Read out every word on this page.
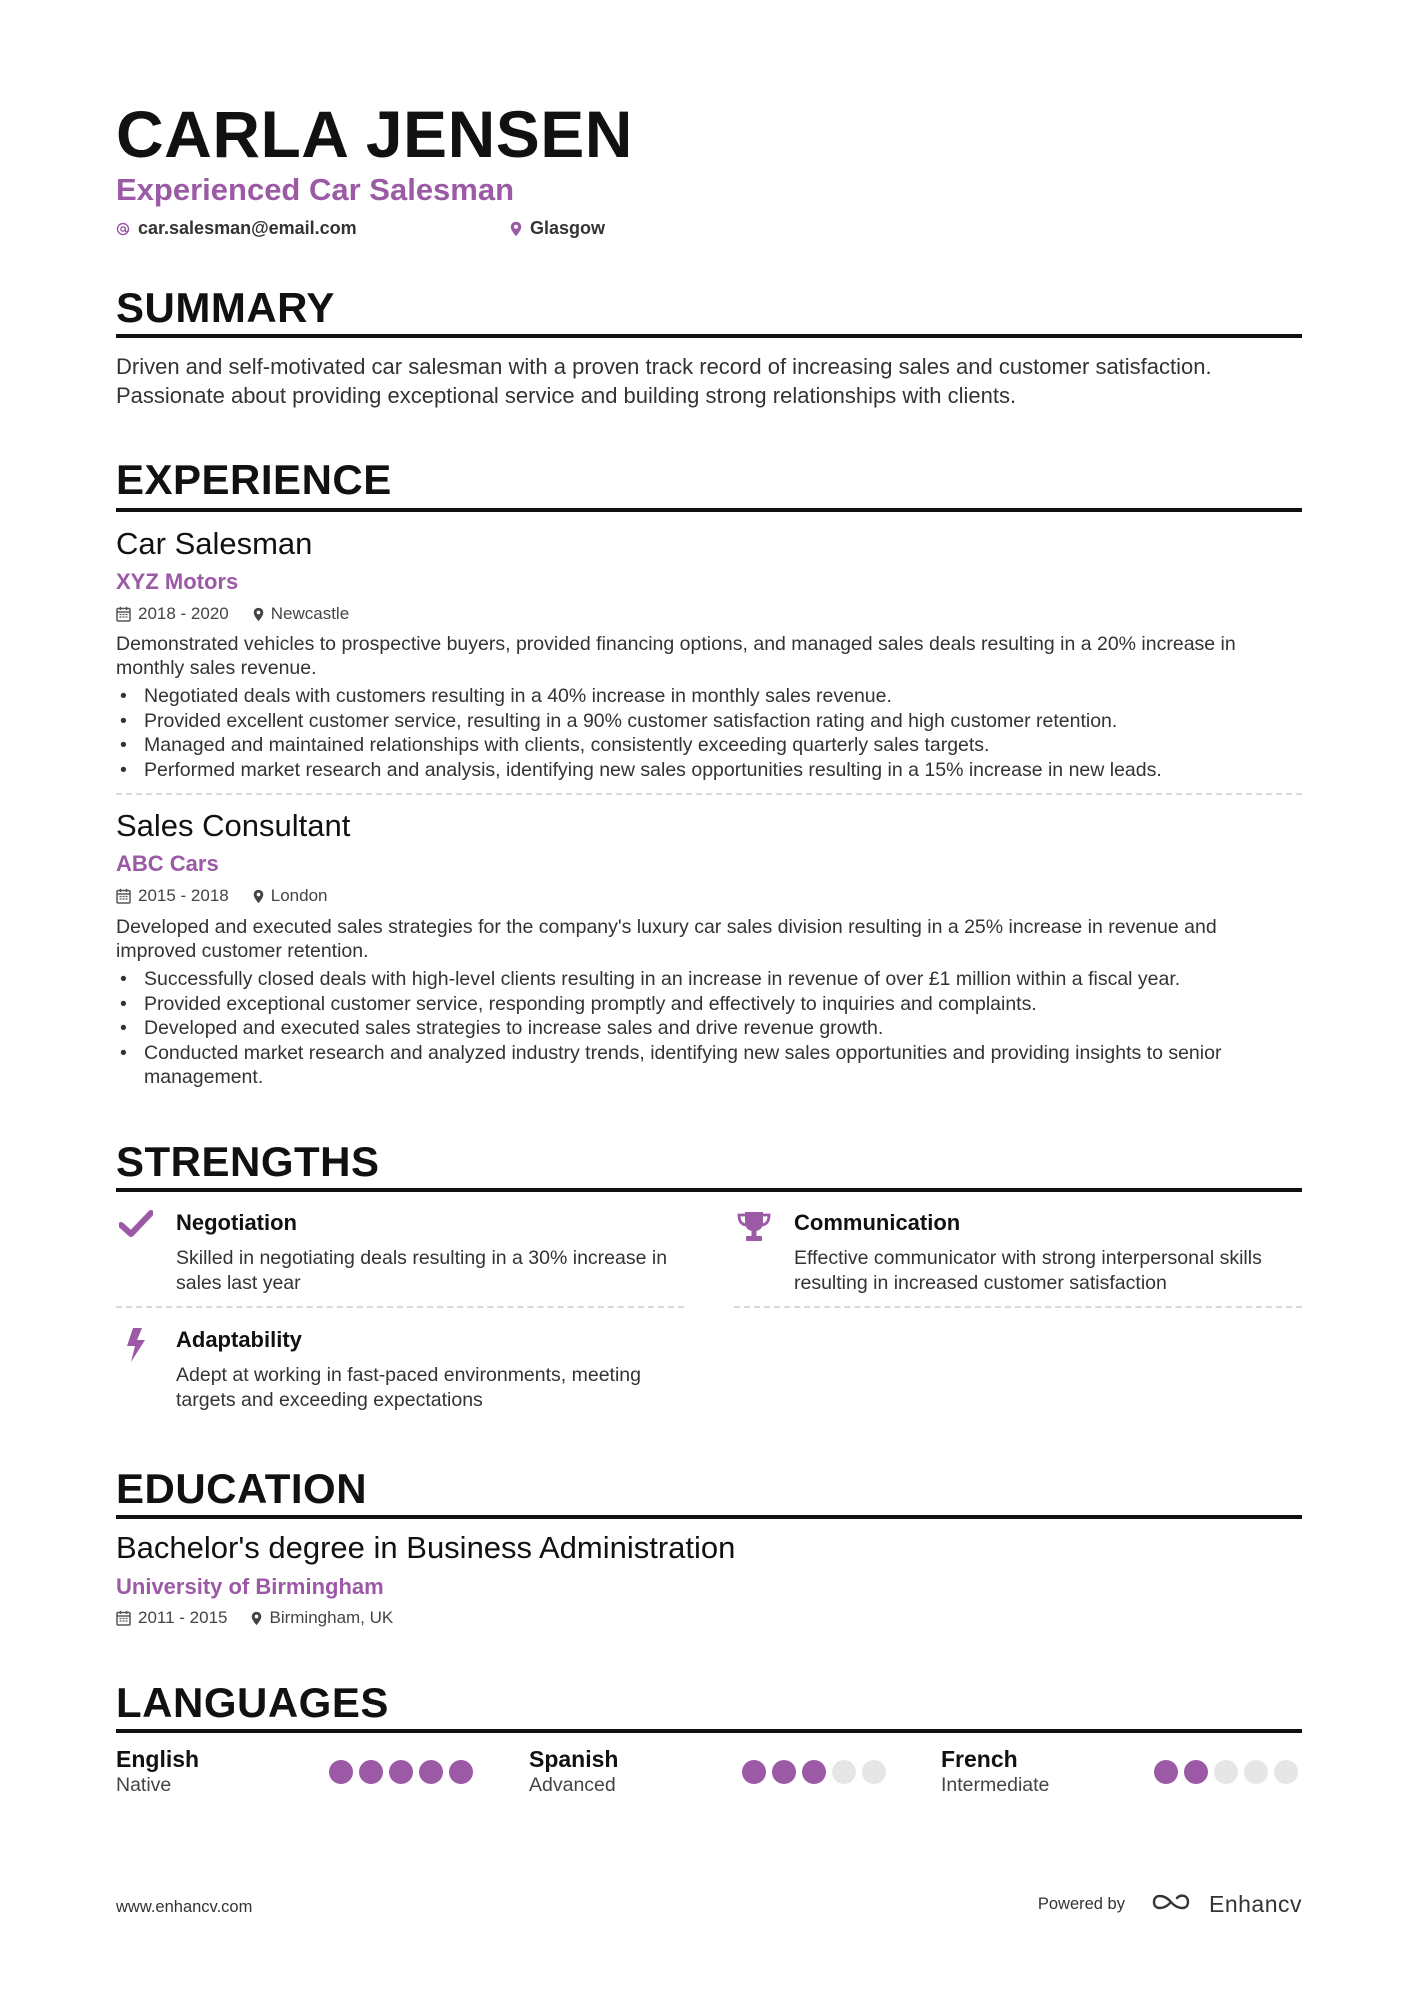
CARLA JENSEN
Experienced Car Salesman
car.salesman@email.com	Glasgow
SUMMARY
Driven and self-motivated car salesman with a proven track record of increasing sales and customer satisfaction. Passionate about providing exceptional service and building strong relationships with clients.
EXPERIENCE
Car Salesman
XYZ Motors
2018 - 2020 Newcastle
Demonstrated vehicles to prospective buyers, provided financing options, and managed sales deals resulting in a 20% increase in monthly sales revenue.
• Negotiated deals with customers resulting in a 40% increase in monthly sales revenue.
• Provided excellent customer service, resulting in a 90% customer satisfaction rating and high customer retention.
• Managed and maintained relationships with clients, consistently exceeding quarterly sales targets.
• Performed market research and analysis, identifying new sales opportunities resulting in a 15% increase in new leads.
Sales Consultant
ABC Cars
2015 - 2018 London
Developed and executed sales strategies for the company's luxury car sales division resulting in a 25% increase in revenue and improved customer retention.
• Successfully closed deals with high-level clients resulting in an increase in revenue of over £1 million within a fiscal year.
• Provided exceptional customer service, responding promptly and effectively to inquiries and complaints.
• Developed and executed sales strategies to increase sales and drive revenue growth.
• Conducted market research and analyzed industry trends, identifying new sales opportunities and providing insights to senior management.
STRENGTHS
Negotiation
Skilled in negotiating deals resulting in a 30% increase in sales last year
Communication
Effective communicator with strong interpersonal skills resulting in increased customer satisfaction
Adaptability
Adept at working in fast-paced environments, meeting targets and exceeding expectations
EDUCATION
Bachelor's degree in Business Administration
University of Birmingham
2011 - 2015 Birmingham, UK
LANGUAGES
English
Native
Spanish
Advanced
French
Intermediate
www.enhancv.com	Powered by	Enhancv
